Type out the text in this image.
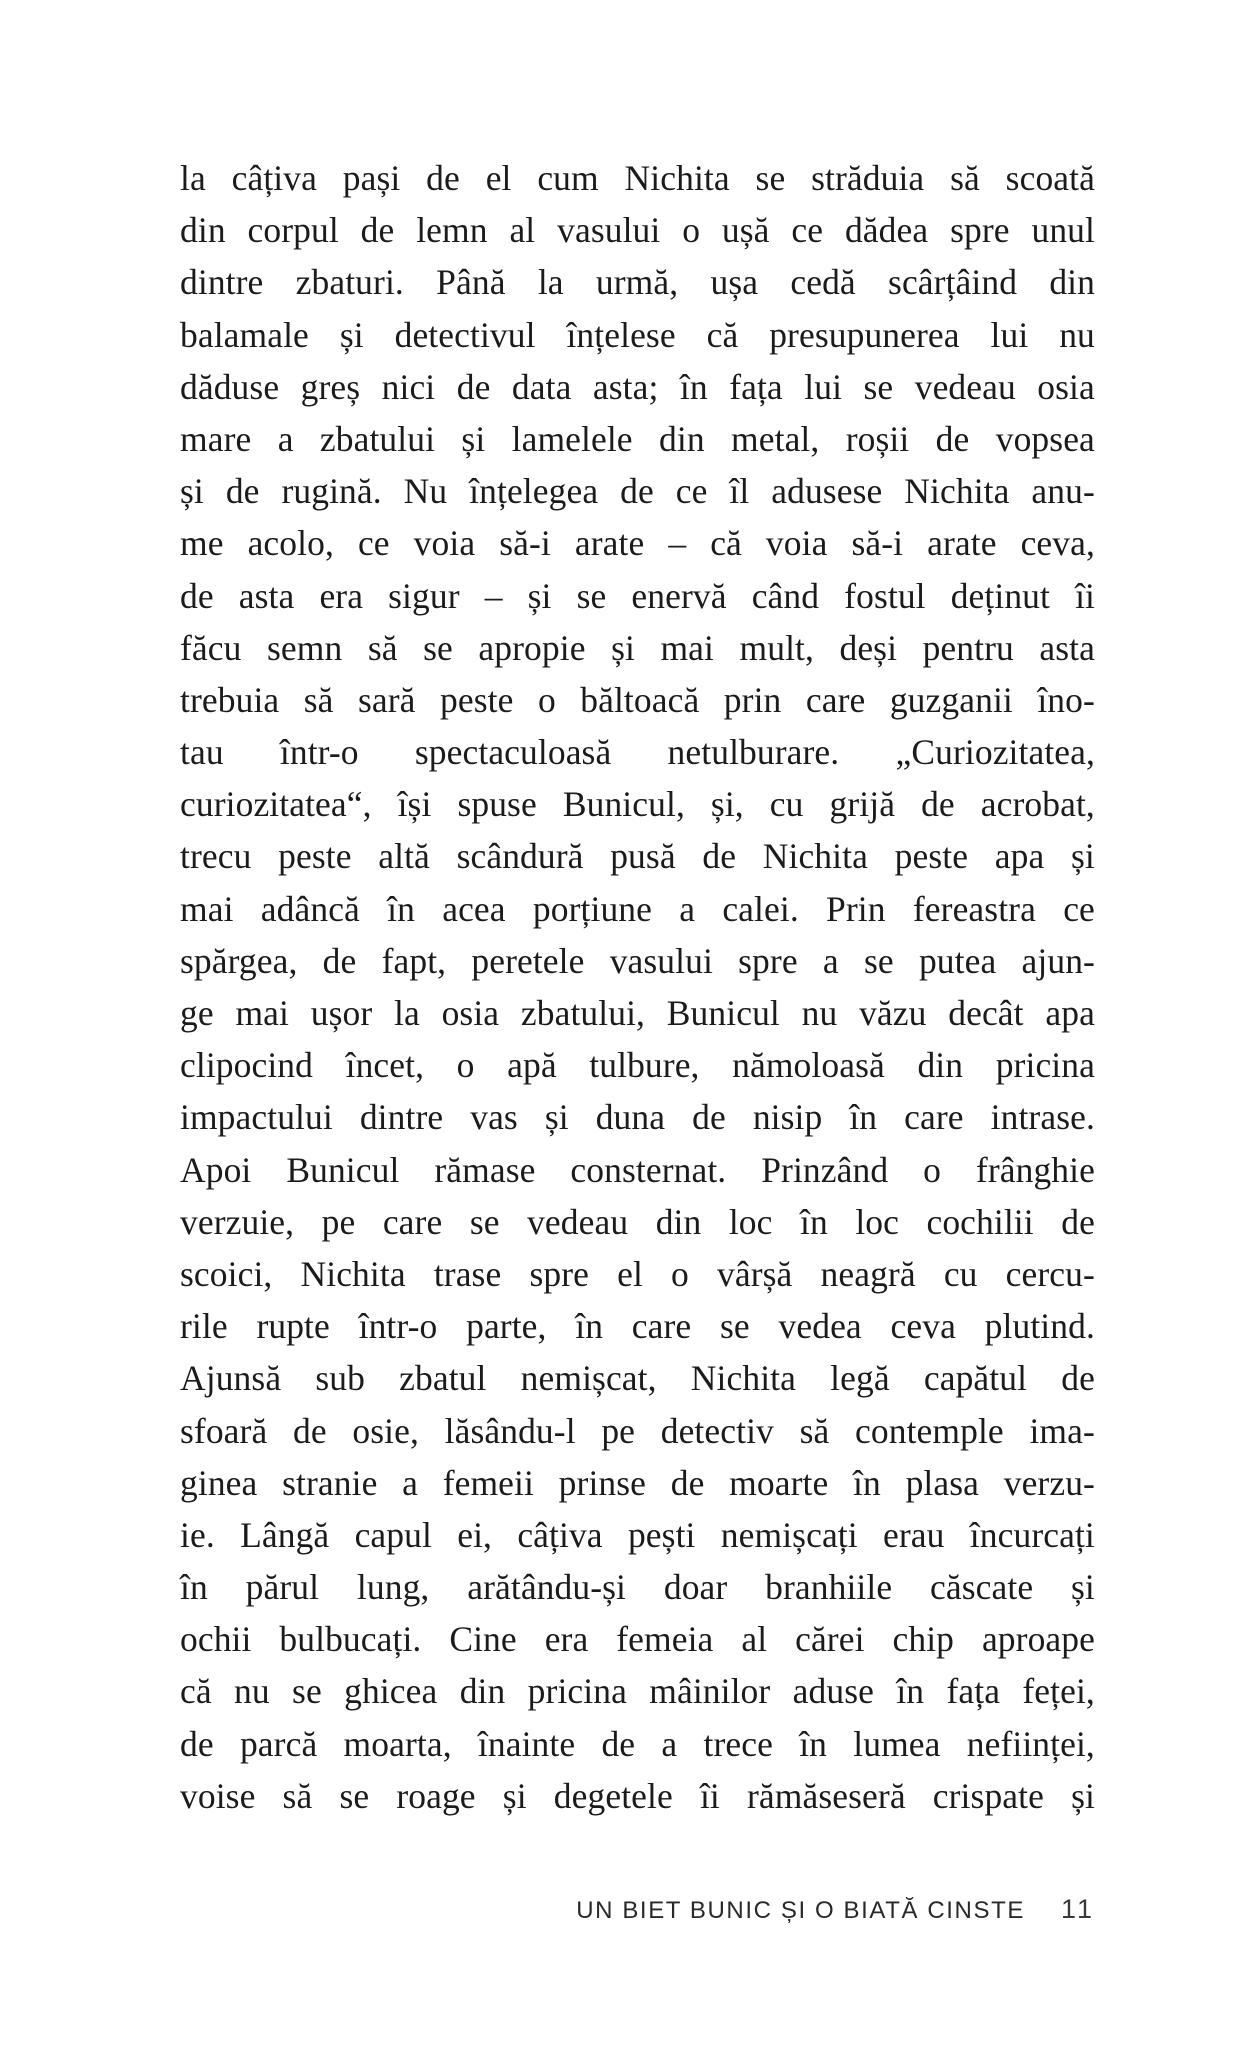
la câțiva pași de el cum Nichita se străduia să scoată
din corpul de lemn al vasului o ușă ce dădea spre unul
dintre zbaturi. Până la urmă, ușa cedă scârțâind din
balamale și detectivul înțelese că presupunerea lui nu
dăduse greș nici de data asta; în fața lui se vedeau osia
mare a zbatului și lamelele din metal, roșii de vopsea
și de rugină. Nu înțelegea de ce îl adusese Nichita anu-
me acolo, ce voia să-i arate – că voia să-i arate ceva,
de asta era sigur – și se enervă când fostul deținut îi
făcu semn să se apropie și mai mult, deși pentru asta
trebuia să sară peste o băltoacă prin care guzganii îno-
tau într-o spectaculoasă netulburare. „Curiozitatea,
curiozitatea“, își spuse Bunicul, și, cu grijă de acrobat,
trecu peste altă scândură pusă de Nichita peste apa și
mai adâncă în acea porțiune a calei. Prin fereastra ce
spărgea, de fapt, peretele vasului spre a se putea ajun-
ge mai ușor la osia zbatului, Bunicul nu văzu decât apa
clipocind încet, o apă tulbure, nămoloasă din pricina
impactului dintre vas și duna de nisip în care intrase.
Apoi Bunicul rămase consternat. Prinzând o frânghie
verzuie, pe care se vedeau din loc în loc cochilii de
scoici, Nichita trase spre el o vârșă neagră cu cercu-
rile rupte într-o parte, în care se vedea ceva plutind.
Ajunsă sub zbatul nemișcat, Nichita legă capătul de
sfoară de osie, lăsându-l pe detectiv să contemple ima-
ginea stranie a femeii prinse de moarte în plasa verzu-
ie. Lângă capul ei, câțiva pești nemișcați erau încurcați
în părul lung, arătându-și doar branhiile căscate și
ochii bulbucați. Cine era femeia al cărei chip aproape
că nu se ghicea din pricina mâinilor aduse în fața feței,
de parcă moarta, înainte de a trece în lumea neființei,
voise să se roage și degetele îi rămăseseră crispate și
UN BIET BUNIC ȘI O BIATĂ CINSTE 11
